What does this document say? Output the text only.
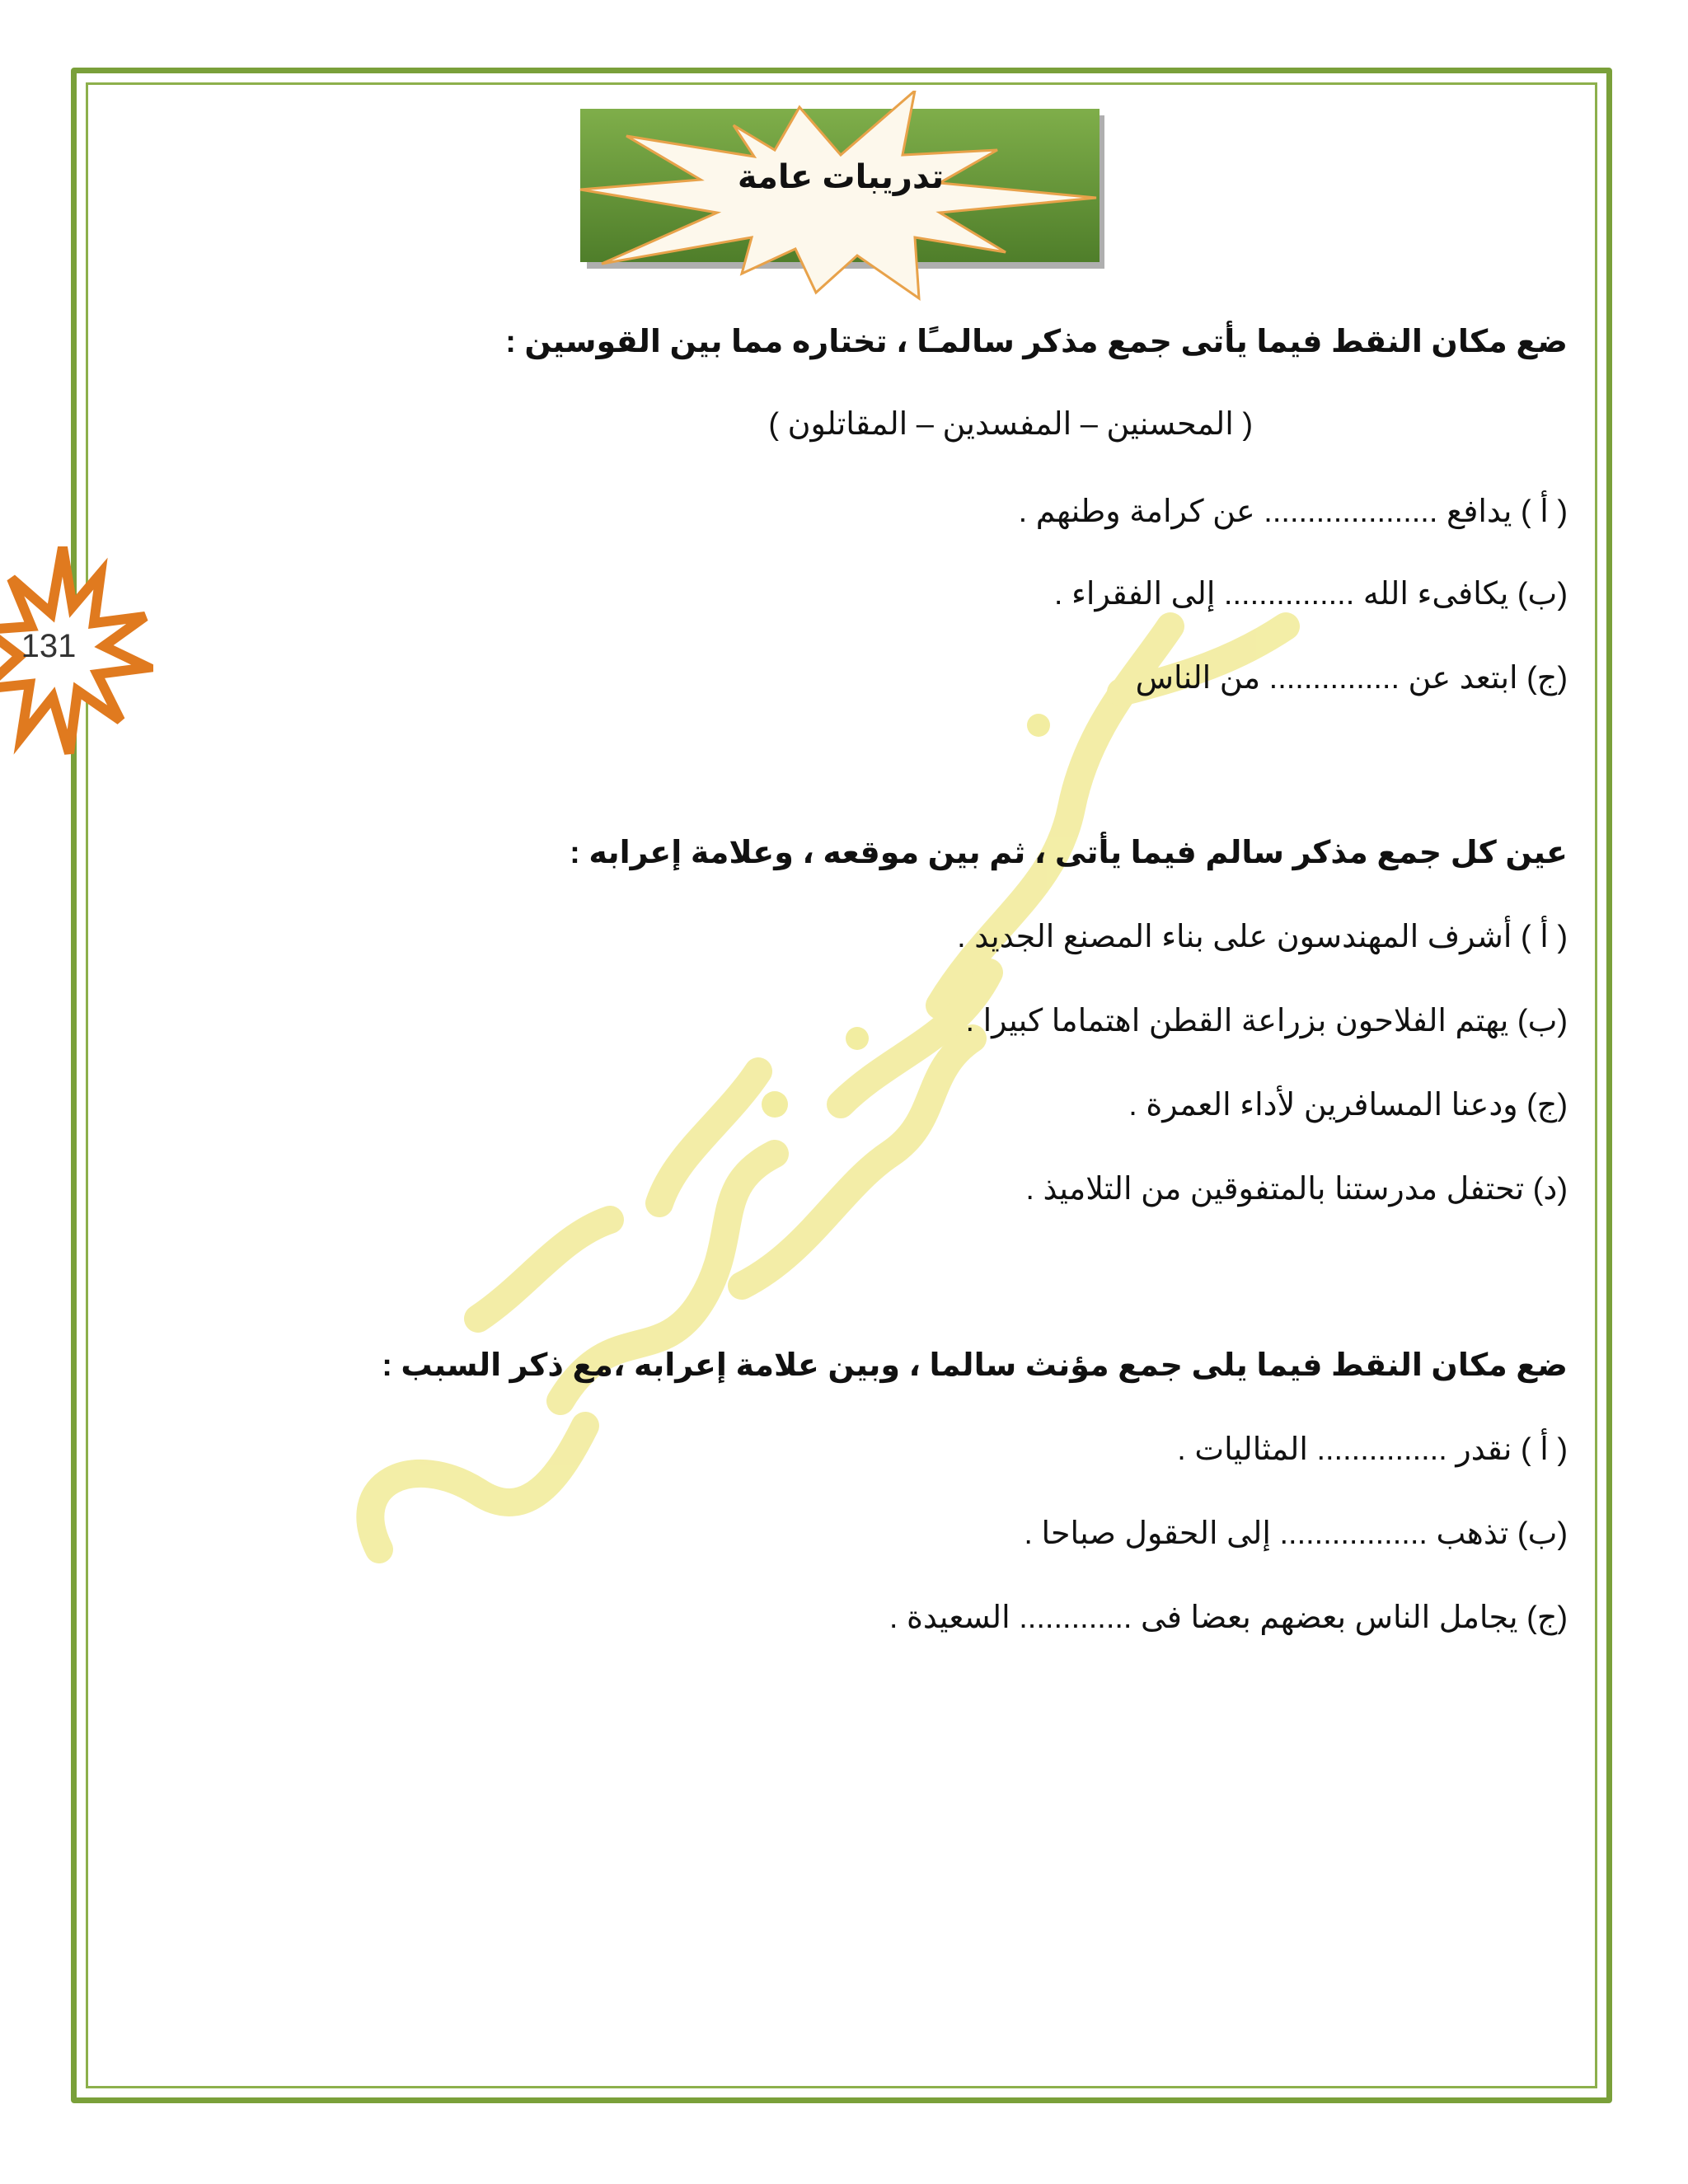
تدريبات عامة
131
ضع مكان النقط فيما يأتى جمع مذكر سالمـًا ، تختاره مما بين القوسين :
( المحسنين – المفسدين – المقاتلون )
( أ ) يدافع .................... عن كرامة وطنهم .
(ب) يكافىء الله ............... إلى الفقراء .
(ج) ابتعد عن ............... من الناس
عين كل جمع مذكر سالم فيما يأتى ، ثم بين موقعه ، وعلامة إعرابه :
( أ ) أشرف المهندسون على بناء المصنع الجديد .
(ب) يهتم الفلاحون بزراعة القطن اهتماما كبيرا .
(ج) ودعنا المسافرين لأداء العمرة .
(د) تحتفل مدرستنا بالمتفوقين من التلاميذ .
ضع مكان النقط فيما يلى جمع مؤنث سالما ، وبين علامة إعرابه ،مع ذكر السبب :
( أ ) نقدر ............... المثاليات .
(ب) تذهب ................. إلى الحقول صباحا .
(ج) يجامل الناس بعضهم بعضا فى ............. السعيدة .
